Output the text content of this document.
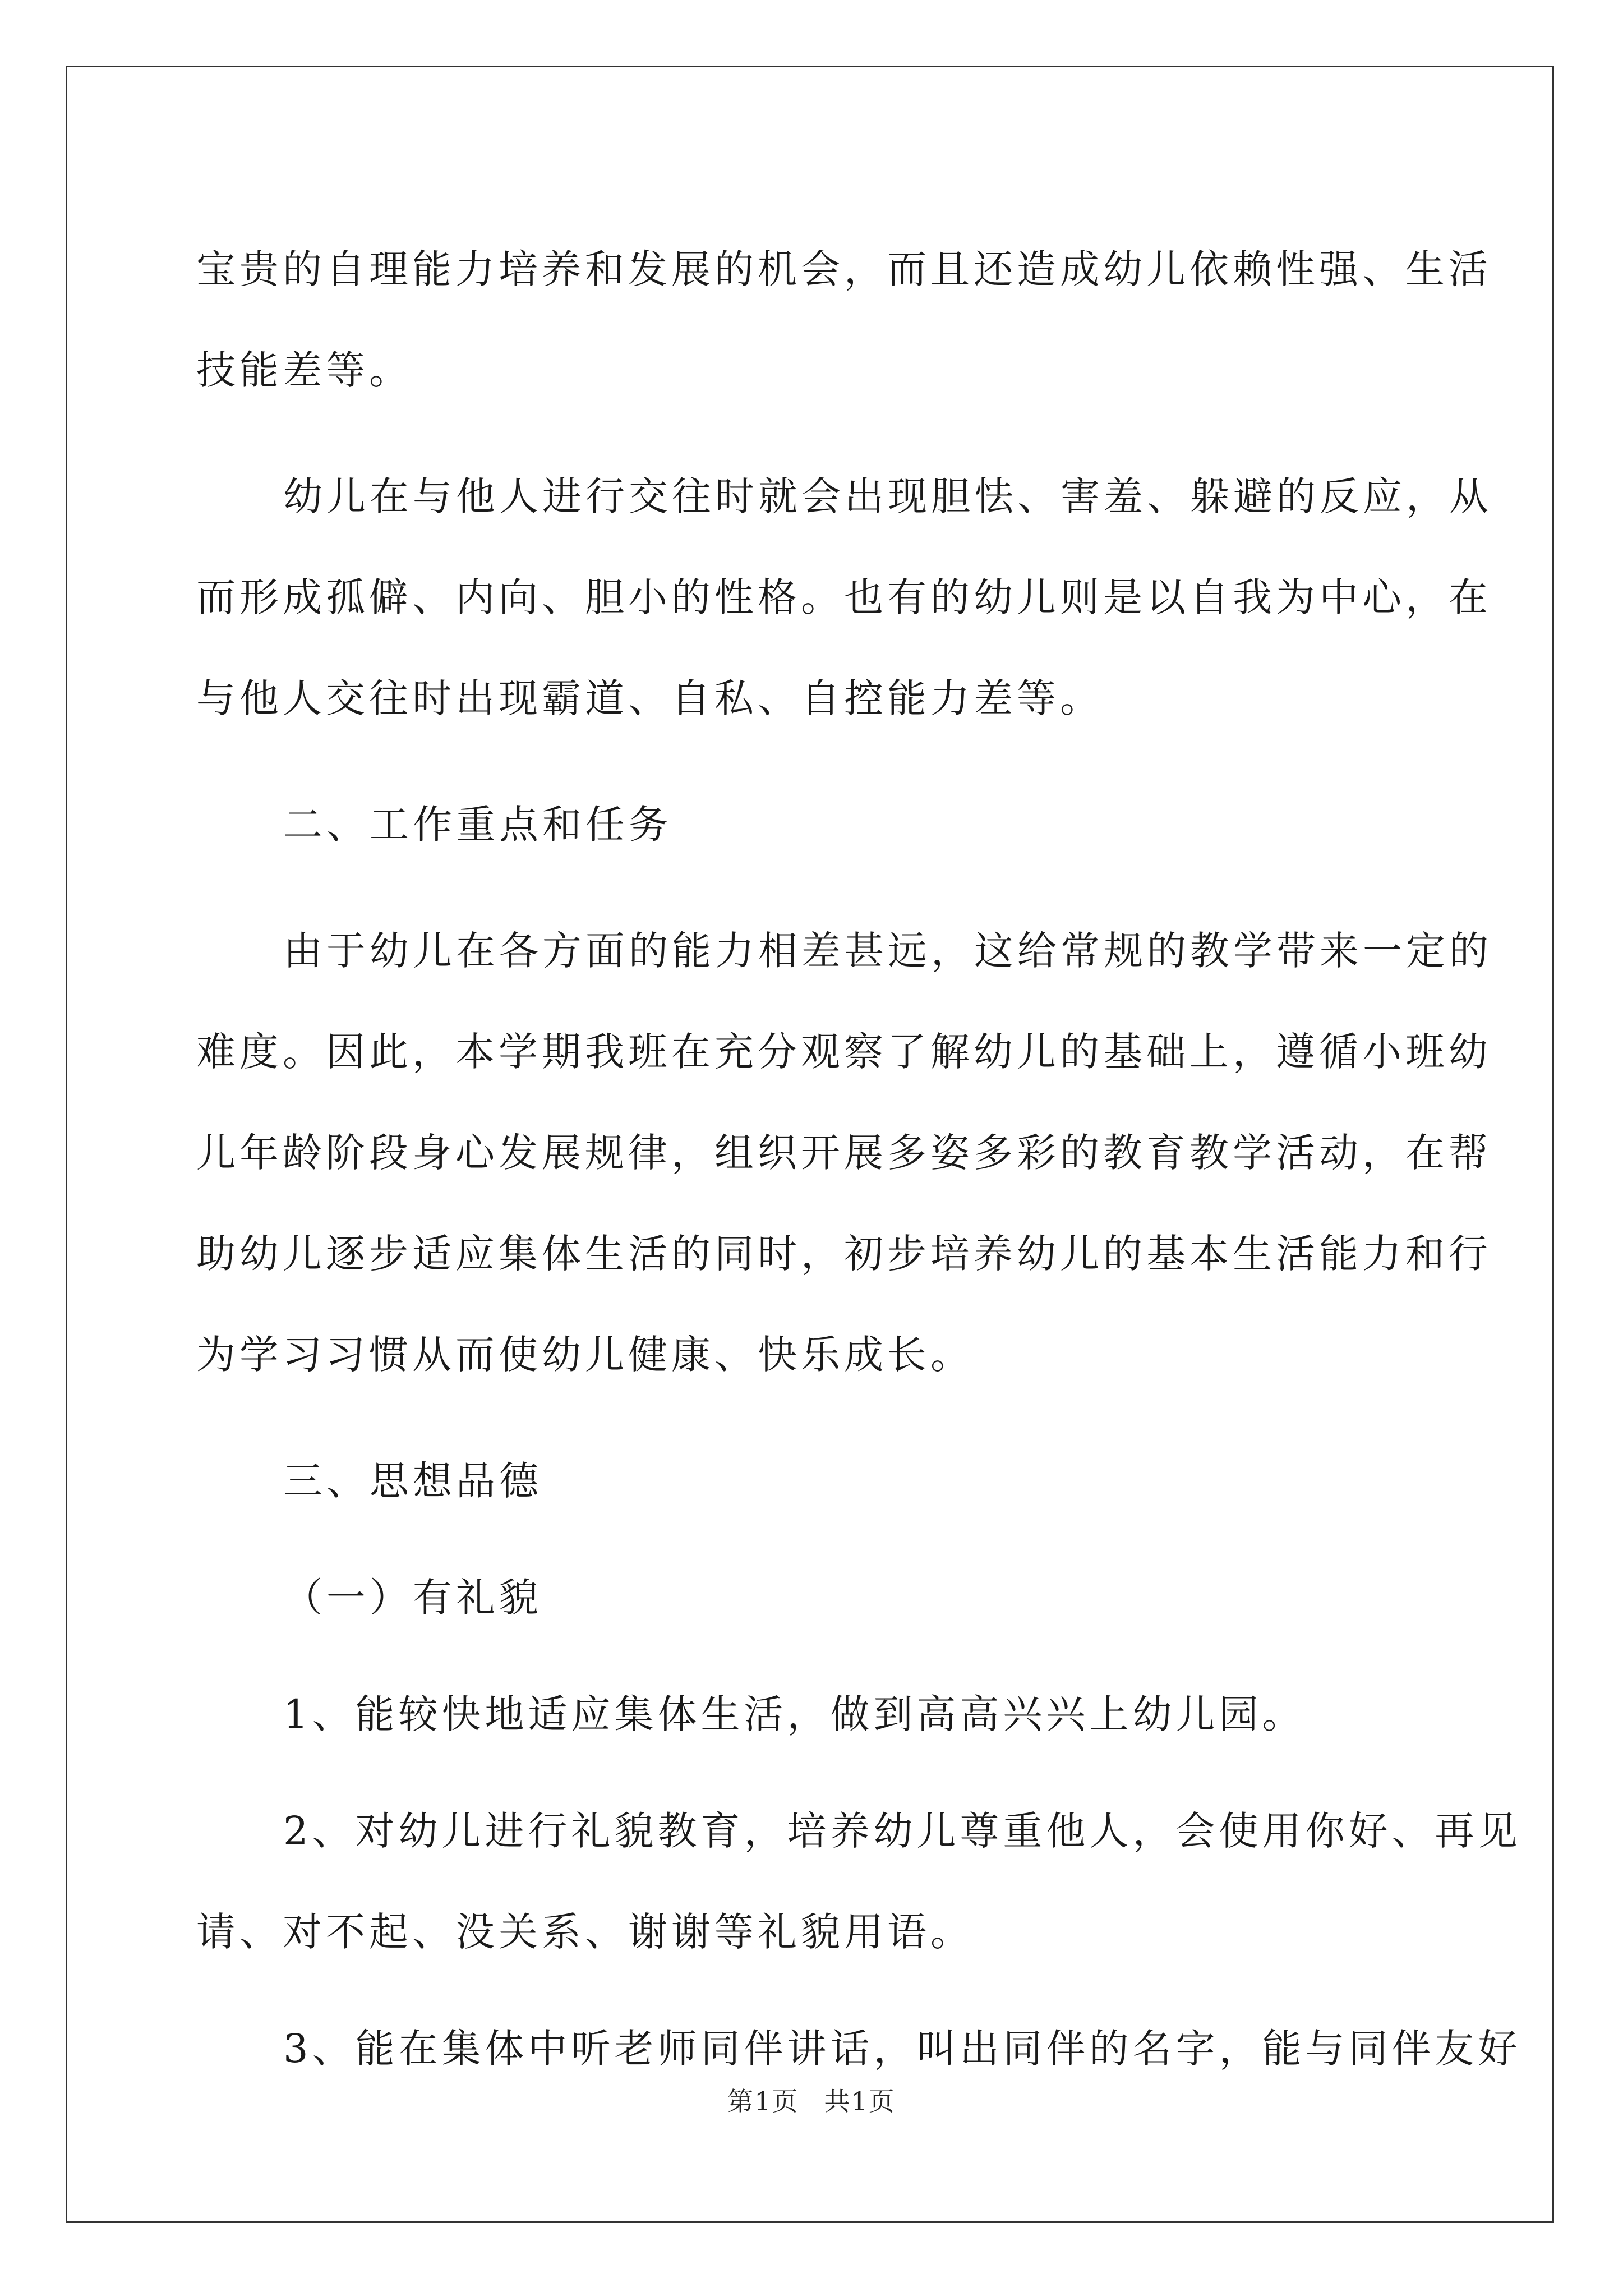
宝贵的自理能力培养和发展的机会，而且还造成幼儿依赖性强、生活
技能差等。

幼儿在与他人进行交往时就会出现胆怯、害羞、躲避的反应，从
而形成孤僻、内向、胆小的性格。也有的幼儿则是以自我为中心，在
与他人交往时出现霸道、自私、自控能力差等。

二、工作重点和任务

由于幼儿在各方面的能力相差甚远，这给常规的教学带来一定的
难度。因此，本学期我班在充分观察了解幼儿的基础上，遵循小班幼
儿年龄阶段身心发展规律，组织开展多姿多彩的教育教学活动，在帮
助幼儿逐步适应集体生活的同时，初步培养幼儿的基本生活能力和行
为学习习惯从而使幼儿健康、快乐成长。

三、思想品德

（一）有礼貌

1、能较快地适应集体生活，做到高高兴兴上幼儿园。

2、对幼儿进行礼貌教育，培养幼儿尊重他人，会使用你好、再见
请、对不起、没关系、谢谢等礼貌用语。

3、能在集体中听老师同伴讲话，叫出同伴的名字，能与同伴友好

第1页 共1页
